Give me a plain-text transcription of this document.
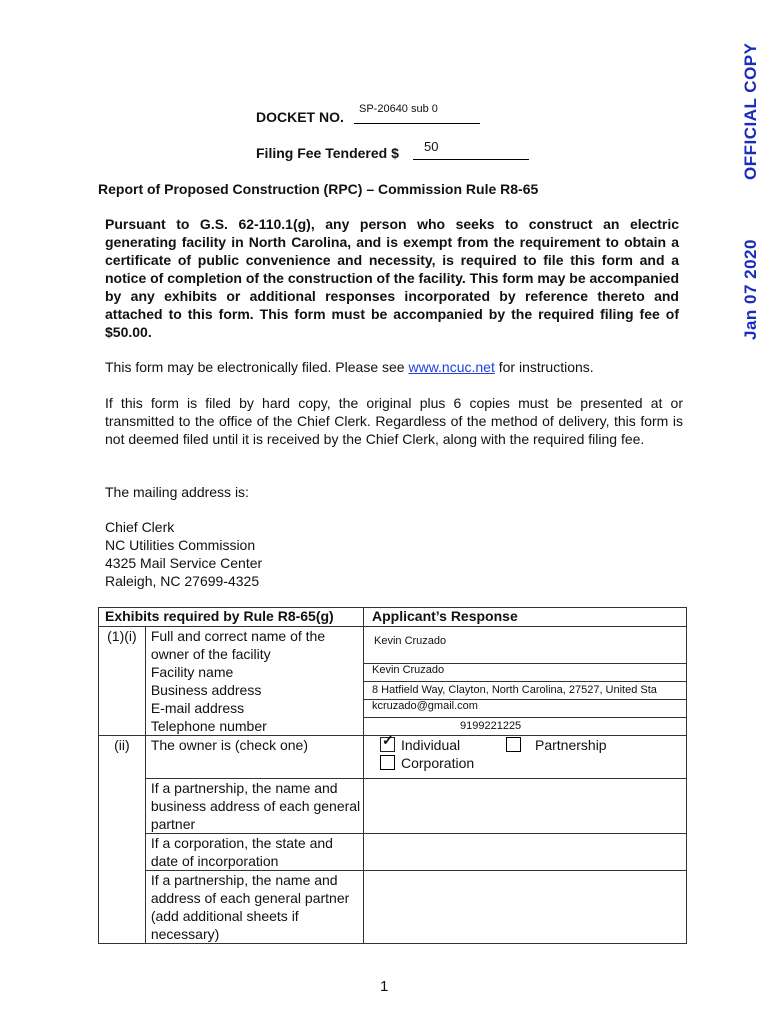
OFFICIAL COPY
Jan 07 2020
DOCKET NO. SP-20640 sub 0
Filing Fee Tendered $ 50
Report of Proposed Construction (RPC) – Commission Rule R8-65
Pursuant to G.S. 62-110.1(g), any person who seeks to construct an electric generating facility in North Carolina, and is exempt from the requirement to obtain a certificate of public convenience and necessity, is required to file this form and a notice of completion of the construction of the facility. This form may be accompanied by any exhibits or additional responses incorporated by reference thereto and attached to this form. This form must be accompanied by the required filing fee of $50.00.
This form may be electronically filed. Please see www.ncuc.net for instructions.
If this form is filed by hard copy, the original plus 6 copies must be presented at or transmitted to the office of the Chief Clerk. Regardless of the method of delivery, this form is not deemed filed until it is received by the Chief Clerk, along with the required filing fee.
The mailing address is:
Chief Clerk
NC Utilities Commission
4325 Mail Service Center
Raleigh, NC 27699-4325
Exhibits required by Rule R8-65(g)		Applicant’s Response

(1)(i)	Full and correct name of the owner of the facility	Kevin Cruzado

	Facility name	Kevin Cruzado

	Business address	8 Hatfield Way, Clayton, North Carolina, 27527, United Sta

	E-mail address	kcruzado@gmail.com

	Telephone number	9199221225

(ii)	The owner is (check one)	✓ Individual Partnership
Corporation

	If a partnership, the name and business address of each general partner	

	If a corporation, the state and date of incorporation	

	If a partnership, the name and address of each general partner (add additional sheets if necessary)	

1
